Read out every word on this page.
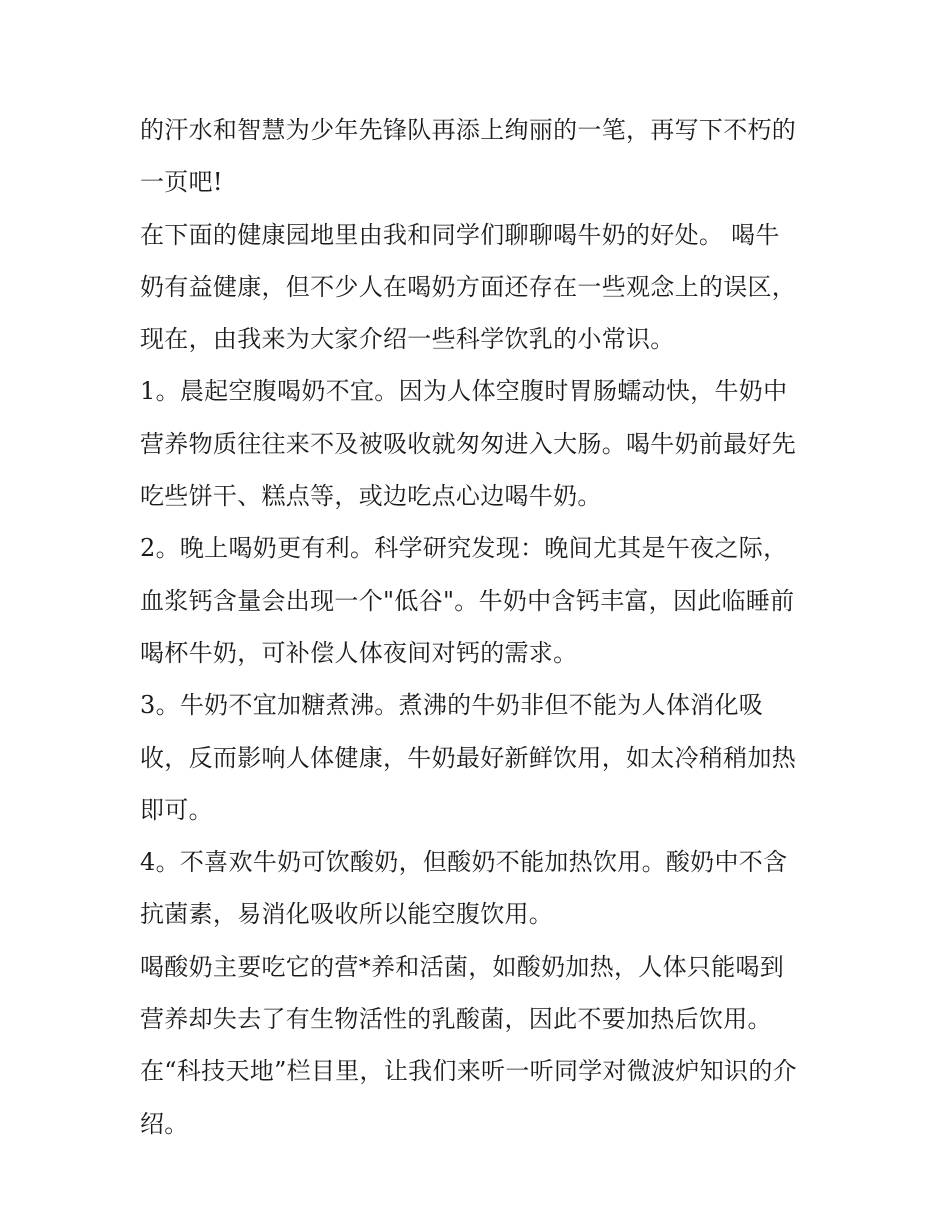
的汗水和智慧为少年先锋队再添上绚丽的一笔，再写下不朽的
一页吧!
在下面的健康园地里由我和同学们聊聊喝牛奶的好处。 喝牛
奶有益健康，但不少人在喝奶方面还存在一些观念上的误区，
现在，由我来为大家介绍一些科学饮乳的小常识。
1。晨起空腹喝奶不宜。因为人体空腹时胃肠蠕动快，牛奶中
营养物质往往来不及被吸收就匆匆进入大肠。喝牛奶前最好先
吃些饼干、糕点等，或边吃点心边喝牛奶。
2。晚上喝奶更有利。科学研究发现：晚间尤其是午夜之际，
血浆钙含量会出现一个"低谷"。牛奶中含钙丰富，因此临睡前
喝杯牛奶，可补偿人体夜间对钙的需求。
3。牛奶不宜加糖煮沸。煮沸的牛奶非但不能为人体消化吸
收，反而影响人体健康，牛奶最好新鲜饮用，如太冷稍稍加热
即可。
4。不喜欢牛奶可饮酸奶，但酸奶不能加热饮用。酸奶中不含
抗菌素，易消化吸收所以能空腹饮用。
喝酸奶主要吃它的营*养和活菌，如酸奶加热，人体只能喝到
营养却失去了有生物活性的乳酸菌，因此不要加热后饮用。
在“科技天地”栏目里，让我们来听一听同学对微波炉知识的介
绍。
